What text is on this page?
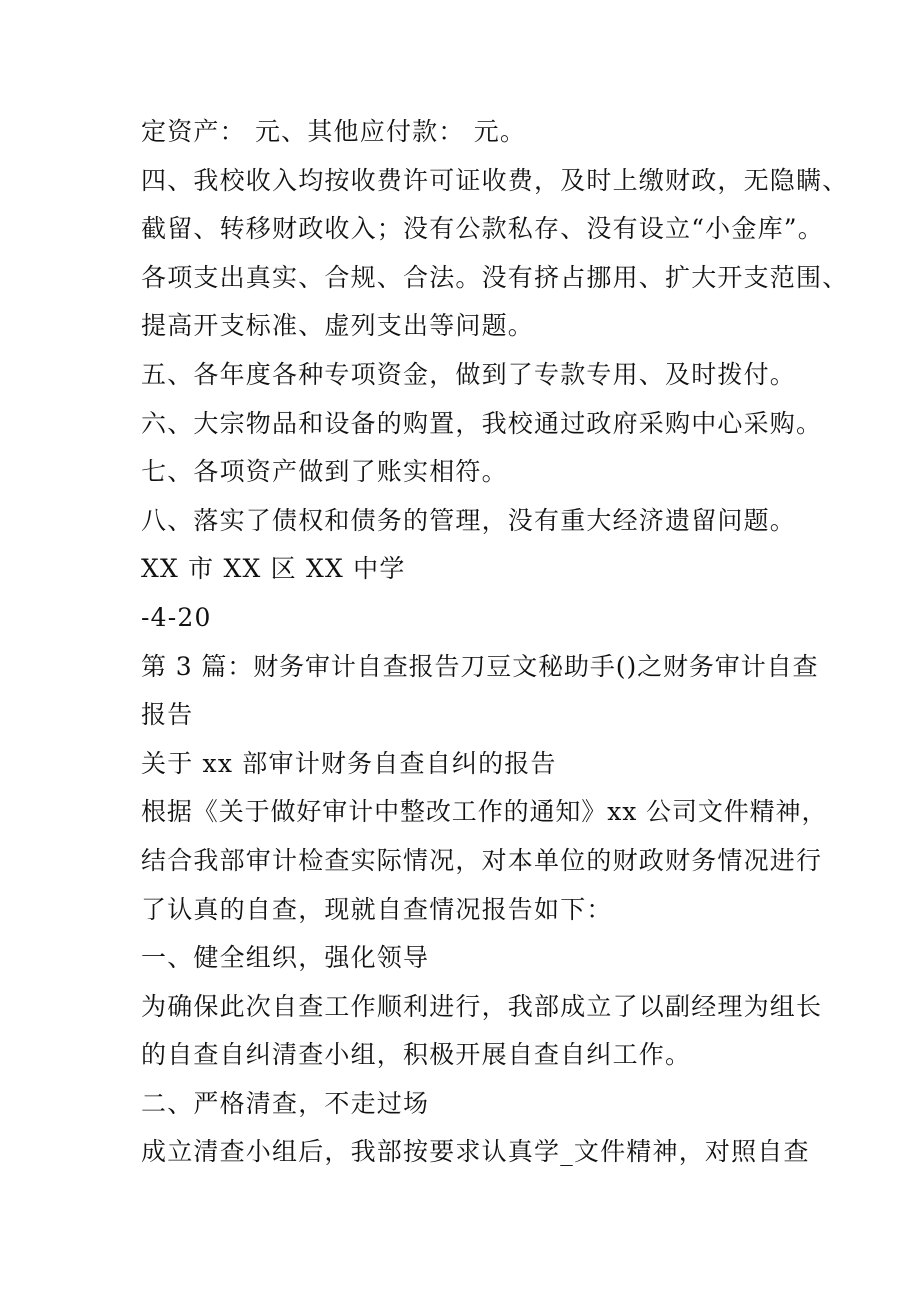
定资产： 元、其他应付款： 元。
四、我校收入均按收费许可证收费，及时上缴财政，无隐瞒、
截留、转移财政收入；没有公款私存、没有设立“小金库”。
各项支出真实、合规、合法。没有挤占挪用、扩大开支范围、
提高开支标准、虚列支出等问题。
五、各年度各种专项资金，做到了专款专用、及时拨付。
六、大宗物品和设备的购置，我校通过政府采购中心采购。
七、各项资产做到了账实相符。
八、落实了债权和债务的管理，没有重大经济遗留问题。
XX 市 XX 区 XX 中学
-4-20
第 3 篇：财务审计自查报告刀豆文秘助手()之财务审计自查
报告
关于 xx 部审计财务自查自纠的报告
根据《关于做好审计中整改工作的通知》xx 公司文件精神，
结合我部审计检查实际情况，对本单位的财政财务情况进行
了认真的自查，现就自查情况报告如下：
一、健全组织，强化领导
为确保此次自查工作顺利进行，我部成立了以副经理为组长
的自查自纠清查小组，积极开展自查自纠工作。
二、严格清查，不走过场
成立清查小组后，我部按要求认真学_文件精神，对照自查
